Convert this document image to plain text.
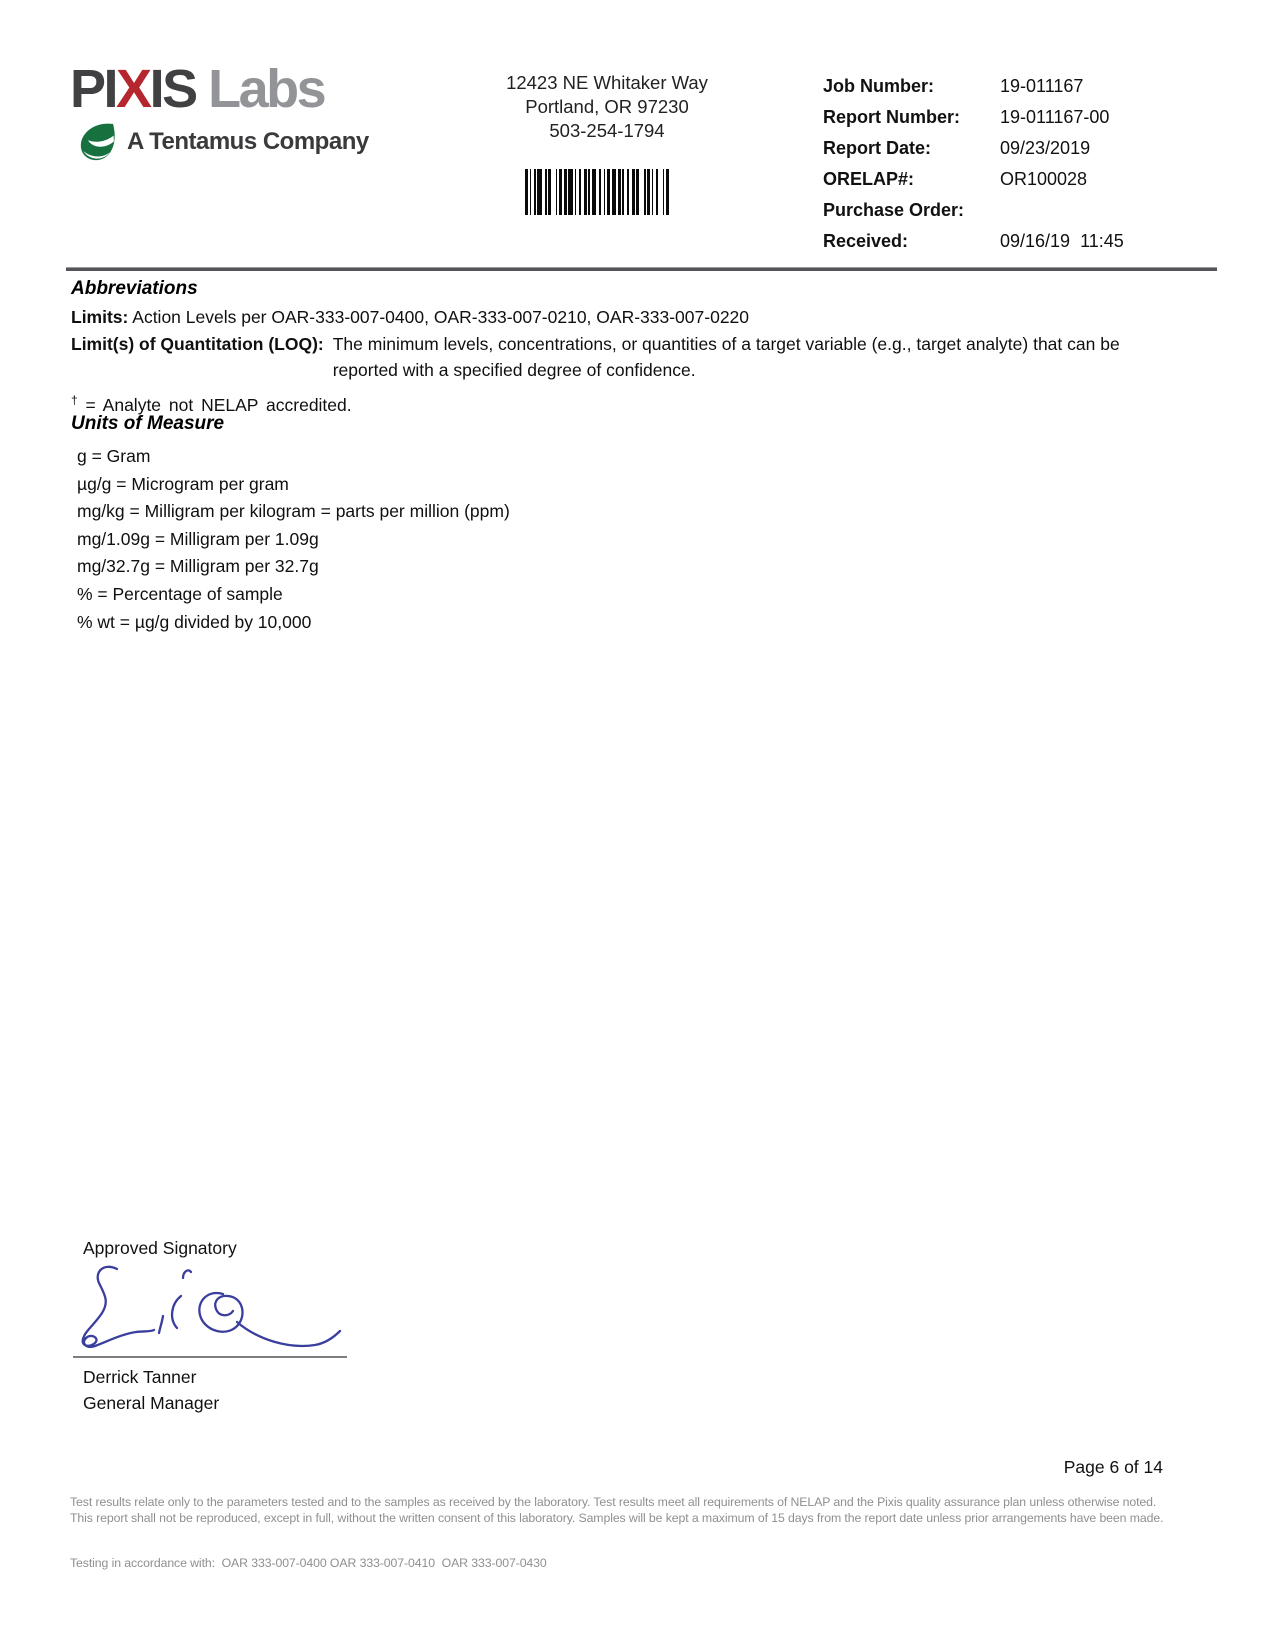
PIXIS Labs
A Tentamus Company
12423 NE Whitaker Way
Portland, OR 97230
503-254-1794
Job Number:	19-011167
Report Number:	19-011167-00
Report Date:	09/23/2019
ORELAP#:	OR100028
Purchase Order:
Received:	09/16/19  11:45
Abbreviations

Limits: Action Levels per OAR-333-007-0400, OAR-333-007-0210, OAR-333-007-0220

Limit(s) of Quantitation (LOQ): The minimum levels, concentrations, or quantities of a target variable (e.g., target analyte) that can be reported with a specified degree of confidence.
† = Analyte not NELAP accredited.
Units of Measure
g = Gram
µg/g = Microgram per gram
mg/kg = Milligram per kilogram = parts per million (ppm)
mg/1.09g = Milligram per 1.09g
mg/32.7g = Milligram per 32.7g
% = Percentage of sample
% wt = µg/g divided by 10,000
Approved Signatory
Derrick Tanner
General Manager
Page 6 of 14
Test results relate only to the parameters tested and to the samples as received by the laboratory. Test results meet all requirements of NELAP and the Pixis quality assurance plan unless otherwise noted. This report shall not be reproduced, except in full, without the written consent of this laboratory. Samples will be kept a maximum of 15 days from the report date unless prior arrangements have been made.
Testing in accordance with:  OAR 333-007-0400 OAR 333-007-0410  OAR 333-007-0430
